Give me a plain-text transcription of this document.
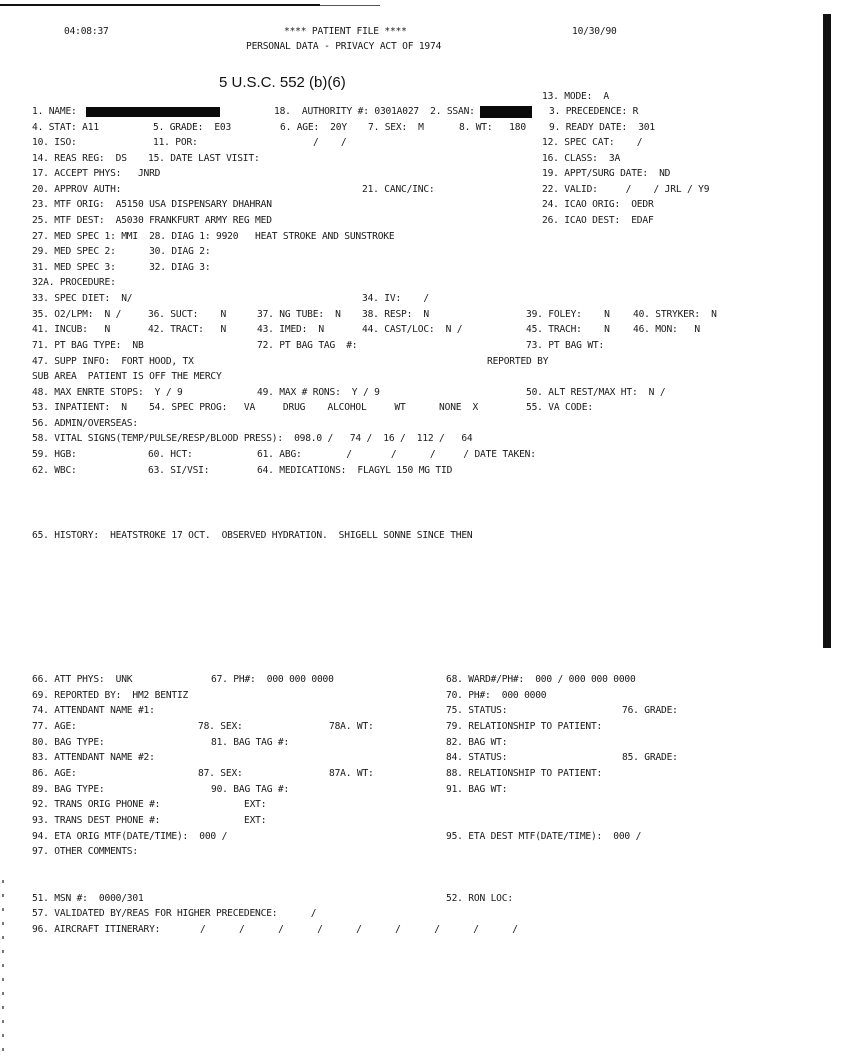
04:08:37	**** PATIENT FILE ****
PERSONAL DATA - PRIVACY ACT OF 1974
10/30/90
5 U.S.C. 552 (b)(6)
13. MODE:  A
1. NAME:	18.  AUTHORITY #: 0301A027  2. SSAN:	3. PRECEDENCE: R
4. STAT: A11	5. GRADE:  E03	6. AGE:  20Y 7. SEX:  M	8. WT:   180 9. READY DATE:  301
10. ISO:	11. POR:	/    /	12. SPEC CAT:    /
14. REAS REG:  DS 15. DATE LAST VISIT:	16. CLASS:  3A
17. ACCEPT PHYS:   JNRD	19. APPT/SURG DATE:  ND
20. APPROV AUTH:	21. CANC/INC:	22. VALID:     /    / JRL / Y9
23. MTF ORIG:  A5150 USA DISPENSARY DHAHRAN	24. ICAO ORIG:  OEDR
25. MTF DEST:  A5030 FRANKFURT ARMY REG MED	26. ICAO DEST:  EDAF
27. MED SPEC 1: MMI  28. DIAG 1: 9920   HEAT STROKE AND SUNSTROKE
29. MED SPEC 2:      30. DIAG 2:
31. MED SPEC 3:      32. DIAG 3:
32A. PROCEDURE:
33. SPEC DIET:  N/	34. IV:    /
35. O2/LPM:  N /	36. SUCT:    N	37. NG TUBE:  N 38. RESP:  N	39. FOLEY:    N 40. STRYKER:  N
41. INCUB:   N	42. TRACT:   N	43. IMED:  N	44. CAST/LOC:  N /	45. TRACH:    N 46. MON:   N
71. PT BAG TYPE:  NB	72. PT BAG TAG  #:	73. PT BAG WT:
47. SUPP INFO:  FORT HOOD, TX	REPORTED BY
SUB AREA  PATIENT IS OFF THE MERCY
48. MAX ENRTE STOPS:  Y / 9	49. MAX # RONS:  Y / 9	50. ALT REST/MAX HT:  N /
53. INPATIENT:  N    54. SPEC PROG:   VA     DRUG    ALCOHOL     WT      NONE  X	55. VA CODE:
56. ADMIN/OVERSEAS:
58. VITAL SIGNS(TEMP/PULSE/RESP/BLOOD PRESS):  098.0 /   74 /  16 /  112 /   64
59. HGB:	60. HCT:	61. ABG:        /       /      /     / DATE TAKEN:
62. WBC:	63. SI/VSI:	64. MEDICATIONS:  FLAGYL 150 MG TID
65. HISTORY:  HEATSTROKE 17 OCT.  OBSERVED HYDRATION.  SHIGELL SONNE SINCE THEN
66. ATT PHYS:  UNK	67. PH#:  000 000 0000	68. WARD#/PH#:  000 / 000 000 0000
69. REPORTED BY:  HM2 BENTIZ	70. PH#:  000 0000
74. ATTENDANT NAME #1:	75. STATUS:	76. GRADE:
77. AGE:	78. SEX:	78A. WT:	79. RELATIONSHIP TO PATIENT:
80. BAG TYPE:	81. BAG TAG #:	82. BAG WT:
83. ATTENDANT NAME #2:	84. STATUS:	85. GRADE:
86. AGE:	87. SEX:	87A. WT:	88. RELATIONSHIP TO PATIENT:
89. BAG TYPE:	90. BAG TAG #:	91. BAG WT:
92. TRANS ORIG PHONE #:	EXT:
93. TRANS DEST PHONE #:	EXT:
94. ETA ORIG MTF(DATE/TIME):  000 /	95. ETA DEST MTF(DATE/TIME):  000 /
97. OTHER COMMENTS:
51. MSN #:  0000/301	52. RON LOC:
57. VALIDATED BY/REAS FOR HIGHER PRECEDENCE:      /
96. AIRCRAFT ITINERARY:	/      /      /      /      /      /      /      /      /
